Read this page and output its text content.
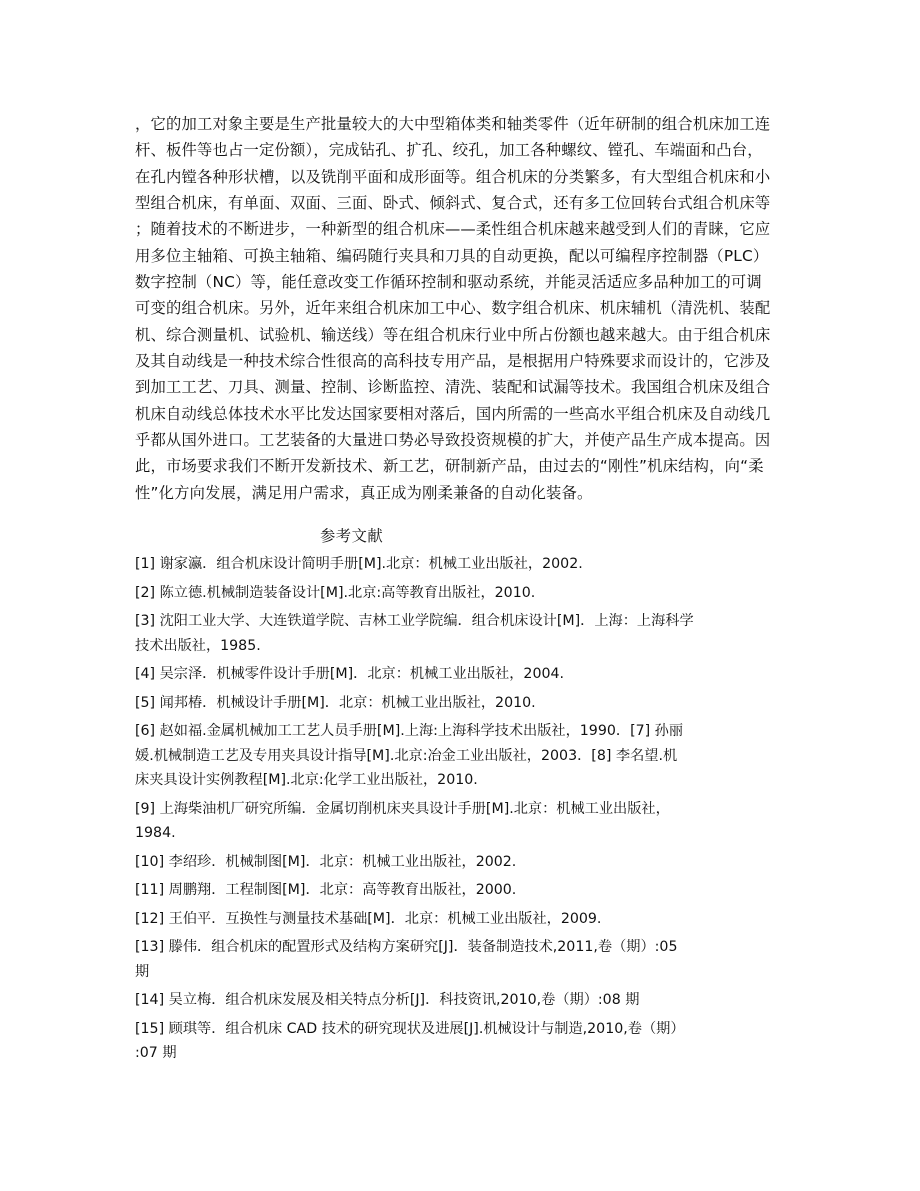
，它的加工对象主要是生产批量较大的大中型箱体类和轴类零件（近年研制的组合机床加工连
杆、板件等也占一定份额），完成钻孔、扩孔、绞孔，加工各种螺纹、镗孔、车端面和凸台，
在孔内镗各种形状槽，以及铣削平面和成形面等。组合机床的分类繁多，有大型组合机床和小
型组合机床，有单面、双面、三面、卧式、倾斜式、复合式，还有多工位回转台式组合机床等
；随着技术的不断进步，一种新型的组合机床——柔性组合机床越来越受到人们的青睐，它应
用多位主轴箱、可换主轴箱、编码随行夹具和刀具的自动更换，配以可编程序控制器（PLC）
数字控制（NC）等，能任意改变工作循环控制和驱动系统，并能灵活适应多品种加工的可调
可变的组合机床。另外，近年来组合机床加工中心、数字组合机床、机床辅机（清洗机、装配
机、综合测量机、试验机、输送线）等在组合机床行业中所占份额也越来越大。由于组合机床
及其自动线是一种技术综合性很高的高科技专用产品，是根据用户特殊要求而设计的，它涉及
到加工工艺、刀具、测量、控制、诊断监控、清洗、装配和试漏等技术。我国组合机床及组合
机床自动线总体技术水平比发达国家要相对落后，国内所需的一些高水平组合机床及自动线几
乎都从国外进口。工艺装备的大量进口势必导致投资规模的扩大，并使产品生产成本提高。因
此，市场要求我们不断开发新技术、新工艺，研制新产品，由过去的“刚性”机床结构，向“柔
性”化方向发展，满足用户需求，真正成为刚柔兼备的自动化装备。
参考文献
[1] 谢家瀛．组合机床设计简明手册[M].北京：机械工业出版社，2002.
[2] 陈立德.机械制造装备设计[M].北京:高等教育出版社，2010.
[3] 沈阳工业大学、大连铁道学院、吉林工业学院编．组合机床设计[M]．上海：上海科学
技术出版社，1985.
[4] 吴宗泽．机械零件设计手册[M]．北京：机械工业出版社，2004.
[5] 闻邦椿．机械设计手册[M]．北京：机械工业出版社，2010.
[6] 赵如福.金属机械加工工艺人员手册[M].上海:上海科学技术出版社，1990．[7] 孙丽
媛.机械制造工艺及专用夹具设计指导[M].北京:冶金工业出版社，2003．[8] 李名望.机
床夹具设计实例教程[M].北京:化学工业出版社，2010.
[9] 上海柴油机厂研究所编．金属切削机床夹具设计手册[M].北京：机械工业出版社，
1984.
[10] 李绍珍．机械制图[M]．北京：机械工业出版社，2002.
[11] 周鹏翔．工程制图[M]．北京：高等教育出版社，2000.
[12] 王伯平．互换性与测量技术基础[M]．北京：机械工业出版社，2009.
[13] 滕伟．组合机床的配置形式及结构方案研究[J]．装备制造技术,2011,卷（期）:05
期
[14] 吴立梅．组合机床发展及相关特点分析[J]．科技资讯,2010,卷（期）:08 期
[15] 顾琪等．组合机床 CAD 技术的研究现状及进展[J].机械设计与制造,2010,卷（期）
:07 期
